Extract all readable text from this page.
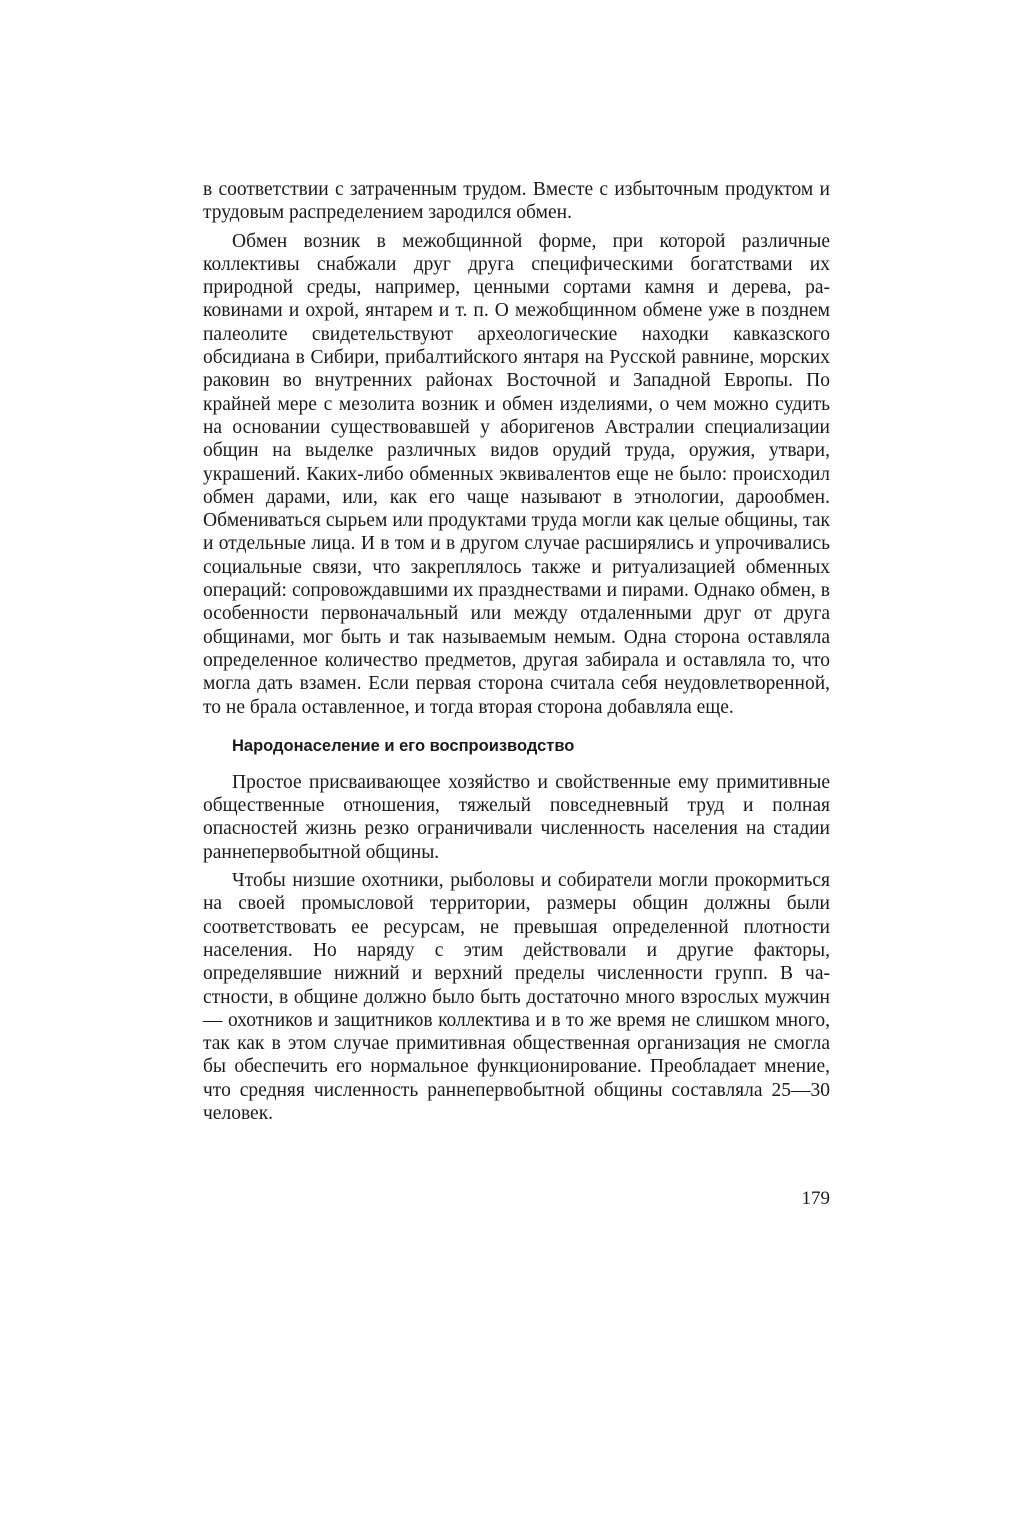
в соответствии с затраченным трудом. Вместе с избыточным продуктом и трудовым распределением зародился обмен.

Обмен возник в межобщинной форме, при которой различные коллективы снабжали друг друга специфическими богатствами их природной среды, например, ценными сортами камня и дерева, раковинами и охрой, янтарем и т. п. О межобщинном обмене уже в позднем палеолите свидетельствуют археологические находки кавказского обсидиана в Сибири, прибалтийского янтаря на Русской равнине, морских раковин во внутренних районах Восточной и Западной Европы. По крайней мере с мезолита возник и обмен изделиями, о чем можно судить на основании существовавшей у аборигенов Австралии специализации общин на выделке различных видов орудий труда, оружия, утвари, украшений. Каких-либо обменных эквивалентов еще не было: происходил обмен дарами, или, как его чаще называют в этнологии, дарообмен. Обмениваться сырьем или продуктами труда могли как целые общины, так и отдельные лица. И в том и в другом случае расширялись и упрочивались социальные связи, что закреплялось также и ритуализацией обменных операций: сопровождавшими их празднествами и пирами. Однако обмен, в особенности первоначальный или между отдаленными друг от друга общинами, мог быть и так называемым немым. Одна сторона оставляла определенное количество предметов, другая забирала и оставляла то, что могла дать взамен. Если первая сторона считала себя неудовлетворенной, то не брала оставленное, и тогда вторая сторона добавляла еще.

Народонаселение и его воспроизводство

Простое присваивающее хозяйство и свойственные ему примитивные общественные отношения, тяжелый повседневный труд и полная опасностей жизнь резко ограничивали численность населения на стадии раннепервобытной общины.

Чтобы низшие охотники, рыболовы и собиратели могли прокормиться на своей промысловой территории, размеры общин должны были соответствовать ее ресурсам, не превышая определенной плотности населения. Но наряду с этим действовали и другие факторы, определявшие нижний и верхний пределы численности групп. В частности, в общине должно было быть достаточно много взрослых мужчин — охотников и защитников коллектива и в то же время не слишком много, так как в этом случае примитивная общественная организация не смогла бы обеспечить его нормальное функционирование. Преобладает мнение, что средняя численность раннепервобытной общины составляла 25—30 человек.

179
